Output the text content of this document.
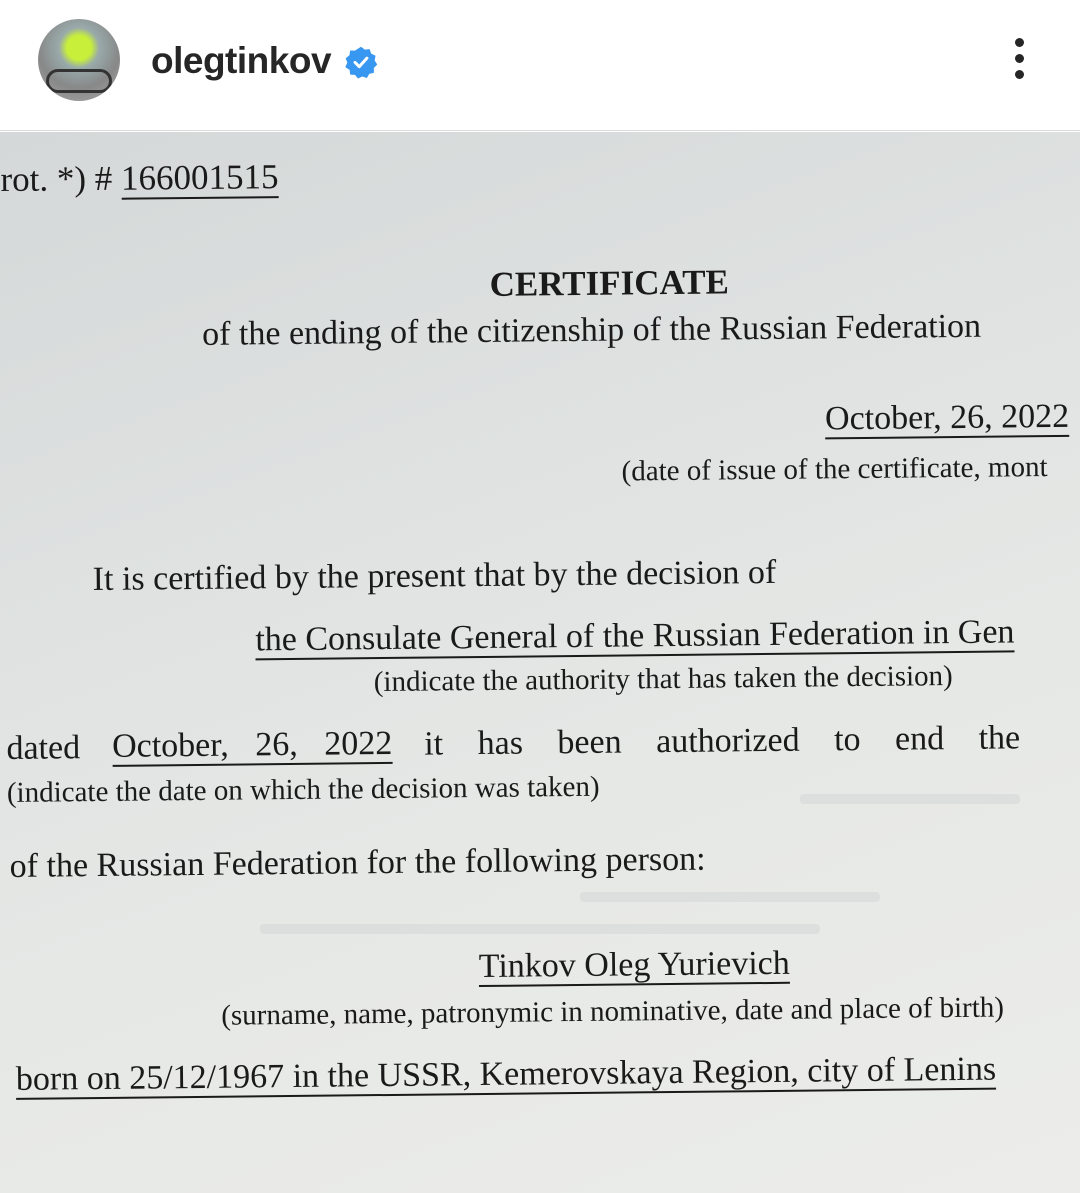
olegtinkov
rot. *) # 166001515
CERTIFICATE
of the ending of the citizenship of the Russian Federation
October, 26, 2022
(date of issue of the certificate, mont
It is certified by the present that by the decision of
the Consulate General of the Russian Federation in Gen
(indicate the authority that has taken the decision)
dated October, 26, 2022 it has been authorized to end the
(indicate the date on which the decision was taken)
of the Russian Federation for the following person:
Tinkov Oleg Yurievich
(surname, name, patronymic in nominative, date and place of birth)
born on 25/12/1967 in the USSR, Kemerovskaya Region, city of Lenins
